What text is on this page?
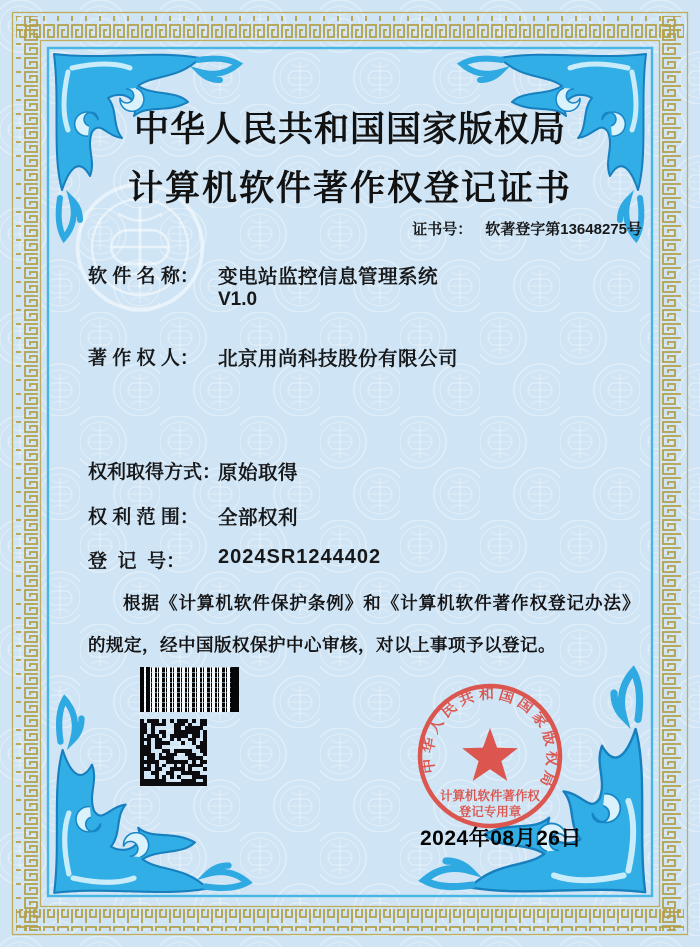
中华人民共和国国家版权局
计算机软件著作权登记证书
证书号： 软著登字第13648275号
软 件 名 称： 变电站监控信息管理系统
V1.0
著 作 权 人： 北京用尚科技股份有限公司
权利取得方式：
原始取得
权 利 范 围： 全部权利
登  记  号：	2024SR1244402
根据《计算机软件保护条例》和《计算机软件著作权登记办法》的规定，经中国版权保护中心审核，对以上事项予以登记。
中华人民共和国国家版权局
计算机软件著作权
登记专用章
2024年08月26日
